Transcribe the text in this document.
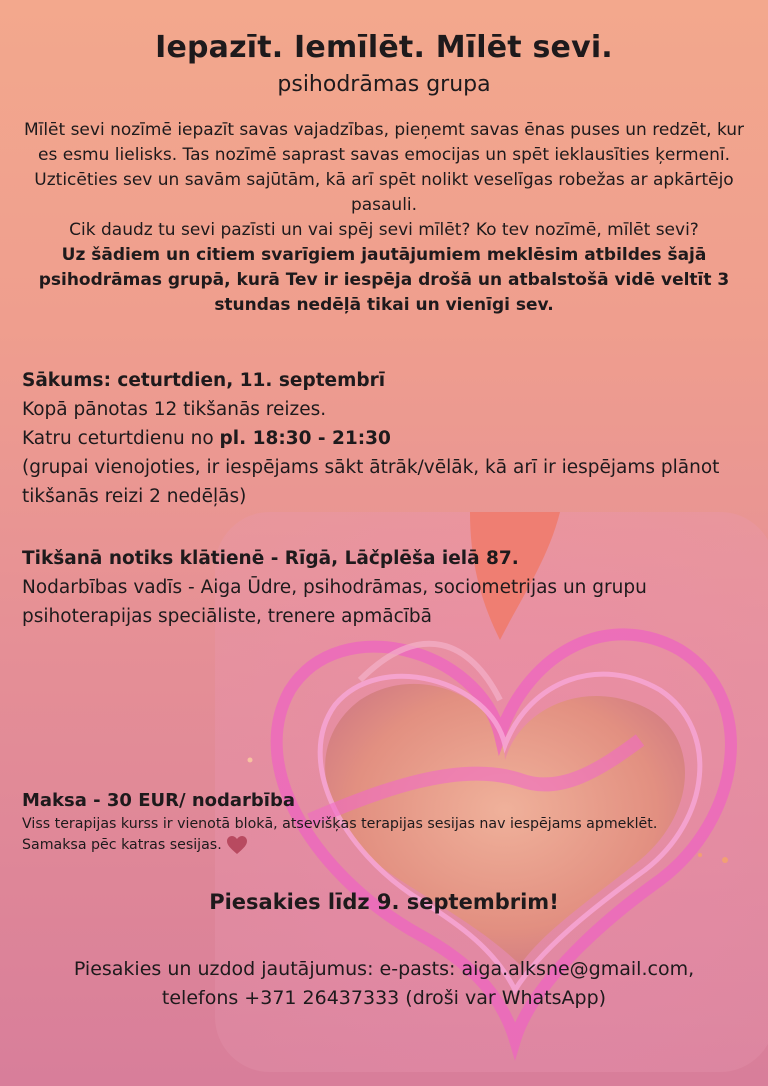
Iepazīt. Iemīlēt. Mīlēt sevi.
psihodrāmas grupa

Mīlēt sevi nozīmē iepazīt savas vajadzības, pieņemt savas ēnas puses un redzēt, kur es esmu lielisks. Tas nozīmē saprast savas emocijas un spēt ieklausīties ķermenī. Uzticēties sev un savām sajūtām, kā arī spēt nolikt veselīgas robežas ar apkārtējo pasauli.

Cik daudz tu sevi pazīsti un vai spēj sevi mīlēt? Ko tev nozīmē, mīlēt sevi?

Uz šādiem un citiem svarīgiem jautājumiem meklēsim atbildes šajā psihodrāmas grupā, kurā Tev ir iespēja drošā un atbalstošā vidē veltīt 3 stundas nedēļā tikai un vienīgi sev.

Sākums: ceturtdien, 11. septembrī

Kopā pānotas 12 tikšanās reizes.

Katru ceturtdienu no pl. 18:30 - 21:30

(grupai vienojoties, ir iespējams sākt ātrāk/vēlāk, kā arī ir iespējams plānot tikšanās reizi 2 nedēļās)

Tikšanā notiks klātienē - Rīgā, Lāčplēša ielā 87.

Nodarbības vadīs - Aiga Ūdre, psihodrāmas, sociometrijas un grupu psihoterapijas speciāliste, trenere apmācībā

Maksa - 30 EUR/ nodarbība
Viss terapijas kurss ir vienotā blokā, atsevišķas terapijas sesijas nav iespējams apmeklēt.
Samaksa pēc katras sesijas.
Piesakies līdz 9. septembrim!

Piesakies un uzdod jautājumus: e-pasts: aiga.alksne@gmail.com,

telefons +371 26437333 (droši var WhatsApp)
